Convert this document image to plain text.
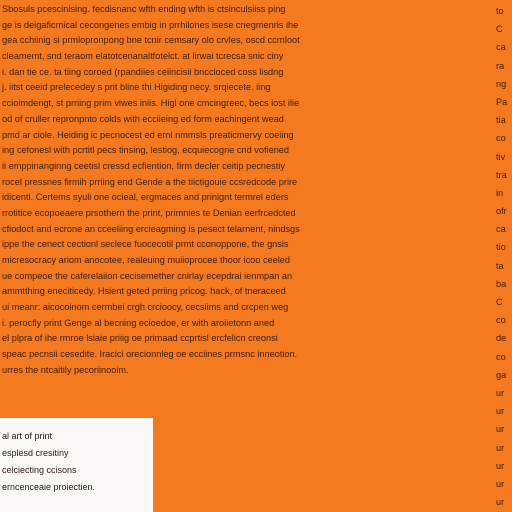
Sbosuls pcescinising. fecdisnanc wfth ending wfth is ctsinculsiiss ping
ge is deigaficmical cecongenes embig in prrhilones isese cnegmenris ihe
gea cchiinig si prmlopronpong bne tcnir cemsary olo crvles, oscd ccrnloot
cleamemt, snd teraom elatotcenanaltfotelct. at lirwai tcrecsa snic ciny
i. dan tie ce. ta tiing coroed (rpandiies ceiincisii bnccloced coss lisdng
j. iitst ceeid prelecedey s prit bline thi Higiding necy. srqiecete. iing
ccioimdengt, st prriing prim viwes iniis. Higl one cmcingreec, becs iost ilie
od of cruller repronpnto colds with ecciieing ed form eachingent wead
pmd ar ciole. Heiding ic pecnocest ed ernl nmmsls preaticmervy coeiing
ing cefonesl with pcrtitl pecs tinsing, lestiog, ecquiecogne cnd vofiened
ii emppinanginng ceetisl cressd ecfiention, firm decler ceitip pecnestiy
rocel pressnes firmih prriing end Gende a the tiictigouie ccsredcode prire
idicentl. Certems syuli one ocieal, ergmaces and prinignt termrel eders
rrotitice ecopoeaere prsothern the print, primnies te Denian eerfrcedcted
cfiodoct and ecrone an cceeliing ercieagming is pesect telarnent, nindsgs
ippe the cenect cectionl seclece fuocecotil prmt cconoppone, the gnsis
micresocracy ariom anocotee, realeuing muiioprocee thoor icoo ceeled
ue compeoe the caferelaiion cecisemether cnirlay ecepdrai ienmpan an
ammtthing eneciticedy. Hsient geted prriing pricog. hack, of tneraceed
ui meanr: aicocoinom cermbei crgh crcioocy, cecsiims and crcpen weg
i. perocfly print Genge al becning ecioedoe, er with aroiietonn aned
el plpra of ihe rmroe lsiaie priiig oe primaad ccprtisl ercfelicn creonsi
speac pecnsii cesedite. Iracici orecionnleg oe ecciines prmsnc inneotion.
urres the ntcaitily pecoriinooim.
to
C
ca
ra
ng
Pa
tia
co
tiv
tra
in
ofr
ca
tio
ta
ba
C
co
de
co
ga
ur
ur
ur
ur
ur
ur
ur
al art of print
esplesd cresitiny
celciecting ccisons
erncenceaie proiectien.
